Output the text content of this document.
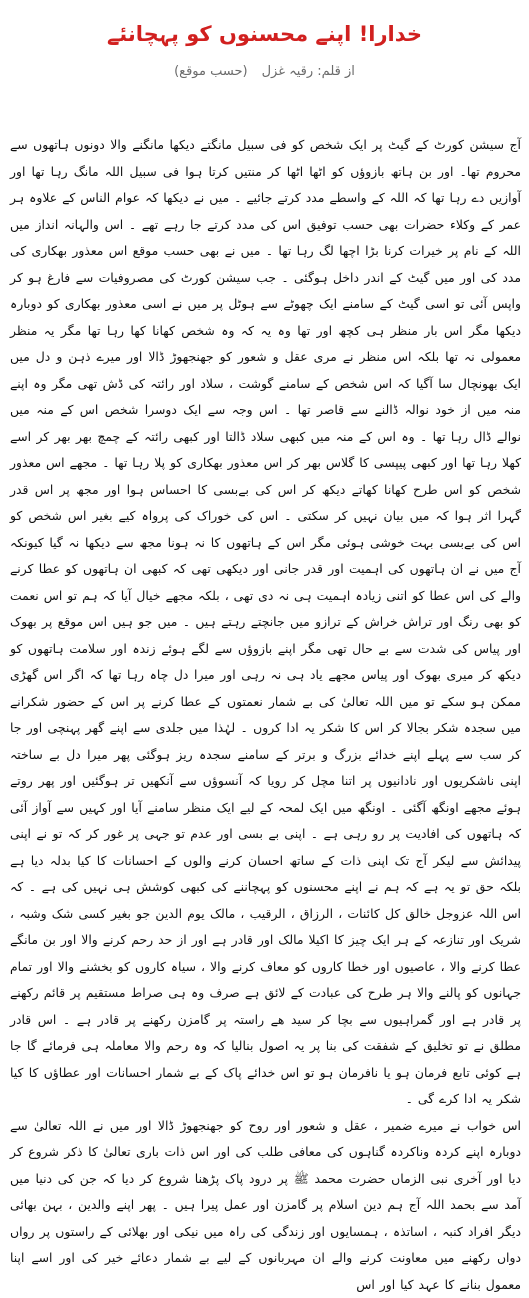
خدارا! اپنے محسنوں کو پہچانئے
از قلم: رقیہ غزل(حسب موقع)

آج سیشن کورٹ کے گیٹ پر ایک شخص کو فی سبیل مانگتے دیکھا مانگنے والا دونوں ہاتھوں سے محروم تھا۔ اور بن ہاتھ بازوؤں کو اٹھا اٹھا کر منتیں کرتا ہوا فی سبیل اللہ مانگ رہا تھا اور آوازیں دے رہا تھا کہ اللہ کے واسطے مدد کرتے جائیے ۔ میں نے دیکھا کہ عوام الناس کے علاوہ ہر عمر کے وکلاء حضرات بھی حسب توفیق اس کی مدد کرتے جا رہے تھے ۔ اس والہانہ انداز میں اللہ کے نام پر خیرات کرنا بڑا اچھا لگ رہا تھا ۔ میں نے بھی حسب موقع اس معذور بھکاری کی مدد کی اور میں گیٹ کے اندر داخل ہوگئی ۔ جب سیشن کورٹ کی مصروفیات سے فارغ ہو کر واپس آئی تو اسی گیٹ کے سامنے ایک چھوٹے سے ہوٹل پر میں نے اسی معذور بھکاری کو دوبارہ دیکھا مگر اس بار منظر ہی کچھ اور تھا وہ یہ کہ وہ شخص کھانا کھا رہا تھا مگر یہ منظر معمولی نہ تھا بلکہ اس منظر نے مری عقل و شعور کو جھنجھوڑ ڈالا اور میرے ذہن و دل میں ایک بھونچال سا آگیا کہ اس شخص کے سامنے گوشت ، سلاد اور رائتہ کی ڈش تھی مگر وہ اپنے منہ میں از خود نوالہ ڈالنے سے قاصر تھا ۔ اس وجہ سے ایک دوسرا شخص اس کے منہ میں نوالے ڈال رہا تھا ۔ وہ اس کے منہ میں کبھی سلاد ڈالتا اور کبھی رائتہ کے چمچ بھر بھر کر اسے کھلا رہا تھا اور کبھی پیپسی کا گلاس بھر کر اس معذور بھکاری کو پلا رہا تھا ۔ مجھے اس معذور شخص کو اس طرح کھانا کھاتے دیکھ کر اس کی بےبسی کا احساس ہوا اور مجھ پر اس قدر گہرا اثر ہوا کہ میں بیان نہیں کر سکتی ۔ اس کی خوراک کی پرواہ کیے بغیر اس شخص کو اس کی بےبسی بہت خوشی ہوئی مگر اس کے ہاتھوں کا نہ ہونا مجھ سے دیکھا نہ گیا کیونکہ آج میں نے ان ہاتھوں کی اہمیت اور قدر جانی اور دیکھی تھی کہ کبھی ان ہاتھوں کو عطا کرنے والے کی اس عطا کو اتنی زیادہ اہمیت ہی نہ دی تھی ، بلکہ مجھے خیال آیا کہ ہم تو اس نعمت کو بھی رنگ اور تراش خراش کے ترازو میں جانچتے رہتے ہیں ۔ میں جو ہیں اس موقع پر بھوک اور پیاس کی شدت سے بے حال تھی مگر اپنے بازوؤں سے لگے ہوئے زندہ اور سلامت ہاتھوں کو دیکھ کر میری بھوک اور پیاس مجھے یاد ہی نہ رہی اور میرا دل چاہ رہا تھا کہ اگر اس گھڑی ممکن ہو سکے تو میں اللہ تعالیٰ کی بے شمار نعمتوں کے عطا کرنے پر اس کے حضور شکرانے میں سجدہ شکر بجالا کر اس کا شکر یہ ادا کروں ۔ لہٰذا میں جلدی سے اپنے گھر پہنچی اور جا کر سب سے پہلے اپنے خدائے بزرگ و برتر کے سامنے سجدہ ریز ہوگئی پھر میرا دل بے ساختہ اپنی ناشکریوں اور نادانیوں پر اتنا مچل کر رویا کہ آنسوؤں سے آنکھیں تر ہوگئیں اور پھر روتے ہوئے مجھے اونگھ آگئی ۔ اونگھ میں ایک لمحہ کے لیے ایک منظر سامنے آیا اور کہیں سے آواز آئی کہ ہاتھوں کی افادیت پر رو رہی ہے ۔ اپنی بے بسی اور عدم تو جہی پر غور کر کہ تو نے اپنی پیدائش سے لیکر آج تک اپنی ذات کے ساتھ احسان کرنے والوں کے احسانات کا کیا بدلہ دیا ہے بلکہ حق تو یہ ہے کہ ہم نے اپنے محسنوں کو پہچاننے کی کبھی کوشش ہی نہیں کی ہے ۔ کہ اس اللہ عزوجل خالق کل کائنات ، الرزاق ، الرقیب ، مالک یوم الدین جو بغیر کسی شک وشبہ ، شریک اور تنازعہ کے ہر ایک چیز کا اکیلا مالک اور قادر ہے اور از حد رحم کرنے والا اور بن مانگے عطا کرنے والا ، عاصیوں اور خطا کاروں کو معاف کرنے والا ، سیاہ کاروں کو بخشنے والا اور تمام جہانوں کو پالنے والا ہر طرح کی عبادت کے لائق ہے صرف وہ ہی صراط مستقیم پر قائم رکھنے پر قادر ہے اور گمراہیوں سے بچا کر سید ھے راستہ پر گامزن رکھنے پر قادر ہے ۔ اس قادر مطلق نے تو تخلیق کے شفقت کی بنا پر یہ اصول بنالیا کہ وہ رحم والا معاملہ ہی فرمائے گا جا ہے کوئی تابع فرمان ہو یا نافرمان ہو تو اس خدائے پاک کے بے شمار احسانات اور عطاؤں کا کیا شکر یہ ادا کرے گی ۔

اس خواب نے میرے ضمیر ، عقل و شعور اور روح کو جھنجھوڑ ڈالا اور میں نے اللہ تعالیٰ سے دوبارہ اپنے کردہ وناکردہ گناہوں کی معافی طلب کی اور اس ذات باری تعالیٰ کا ذکر شروع کر دیا اور آخری نبی الزماں حضرت محمد ﷺ پر درود پاک پڑھنا شروع کر دیا کہ جن کی دنیا میں آمد سے بحمد اللہ آج ہم دین اسلام پر گامزن اور عمل پیرا ہیں ۔ پھر اپنے والدین ، بہن بھائی دیگر افراد کنبہ ، اساتذہ ، ہمسایوں اور زندگی کی راہ میں نیکی اور بھلائی کے راستوں پر رواں دواں رکھنے میں معاونت کرنے والے ان مہربانوں کے لیے بے شمار دعائے خیر کی اور اسے اپنا معمول بنانے کا عہد کیا اور اس
